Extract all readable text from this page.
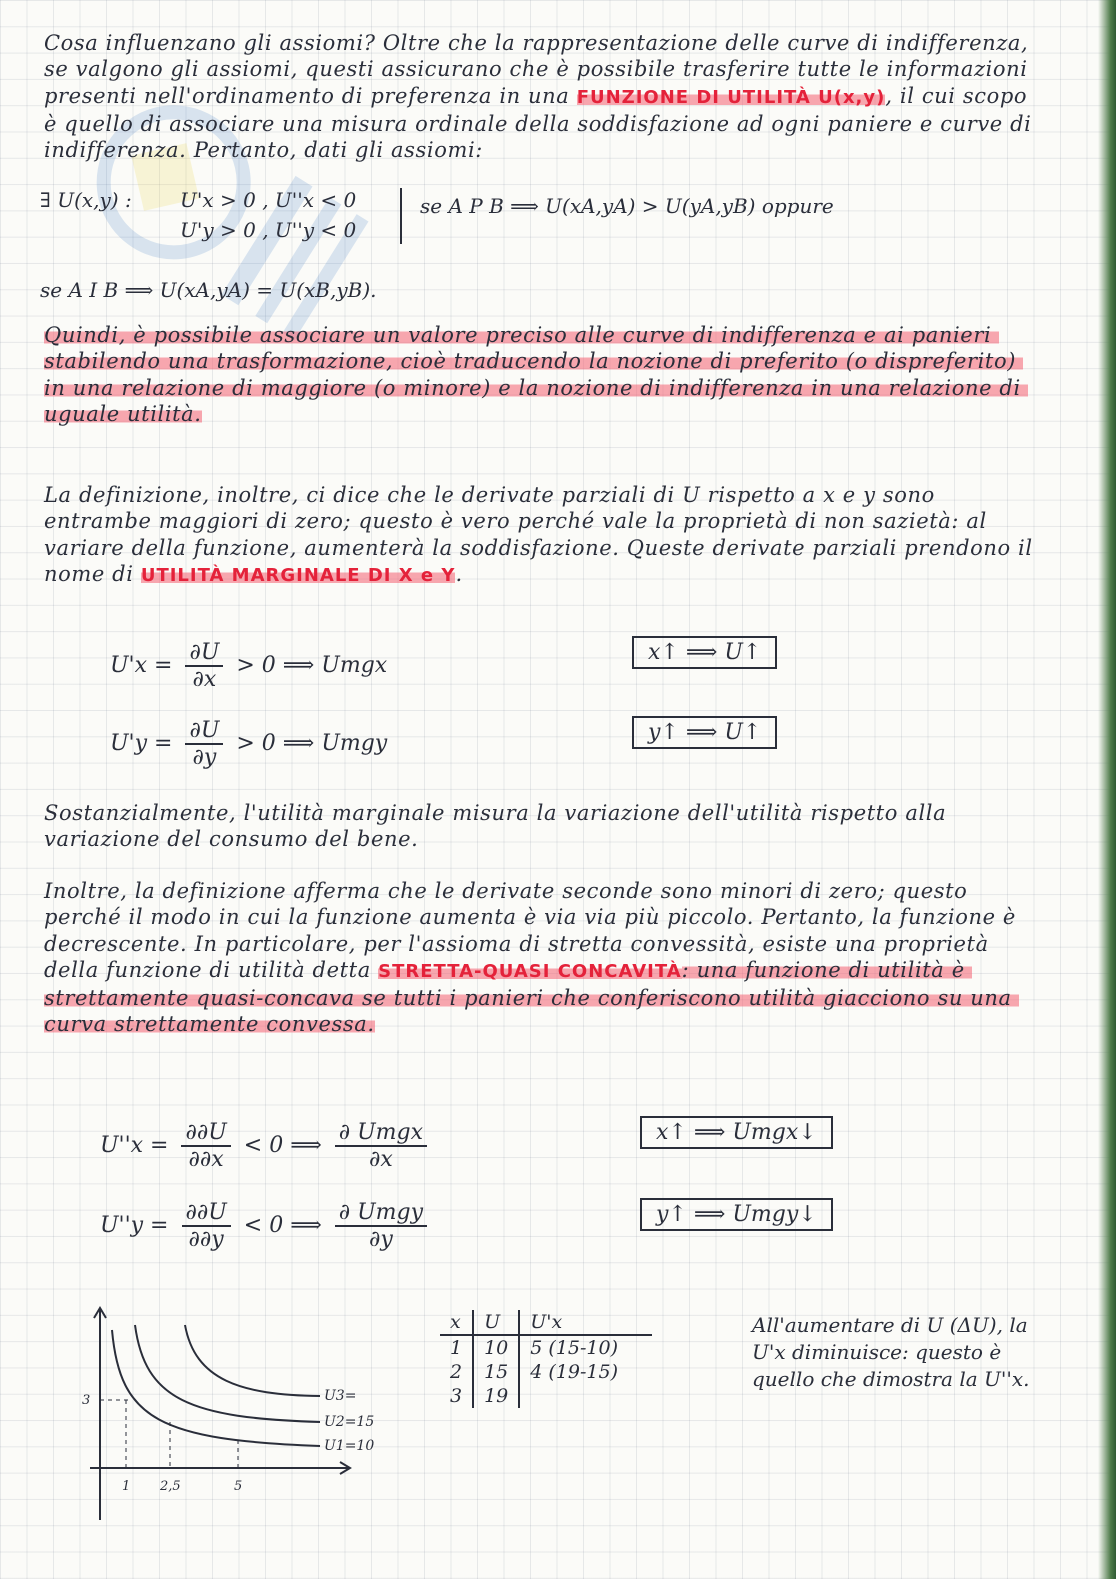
Cosa influenzano gli assiomi? Oltre che la rappresentazione delle curve di indifferenza, se valgono gli assiomi, questi assicurano che è possibile trasferire tutte le informazioni presenti nell'ordinamento di preferenza in una FUNZIONE DI UTILITÀ U(x,y), il cui scopo è quello di associare una misura ordinale della soddisfazione ad ogni paniere e curve di indifferenza. Pertanto, dati gli assiomi:
∃ U(x,y) : U'x > 0 , U''x < 0
U'y > 0 , U''y < 0
se A P B ⟹ U(xA,yA) > U(yA,yB) oppure
se A I B ⟹ U(xA,yA) = U(xB,yB).
Quindi, è possibile associare un valore preciso alle curve di indifferenza e ai panieri stabilendo una trasformazione, cioè traducendo la nozione di preferito (o dispreferito) in una relazione di maggiore (o minore) e la nozione di indifferenza in una relazione di uguale utilità.
La definizione, inoltre, ci dice che le derivate parziali di U rispetto a x e y sono entrambe maggiori di zero; questo è vero perché vale la proprietà di non sazietà: al variare della funzione, aumenterà la soddisfazione. Queste derivate parziali prendono il nome di UTILITÀ MARGINALE DI X e Y.
$U'x = \frac{\partial U}{\partial x} > 0$ ⟹ Umgx
x↑ ⟹ U↑
$U'y = \frac{\partial U}{\partial y} > 0$ ⟹ Umgy	y↑ ⟹ U↑
Sostanzialmente, l'utilità marginale misura la variazione dell'utilità rispetto alla variazione del consumo del bene.
Inoltre, la definizione afferma che le derivate seconde sono minori di zero; questo perché il modo in cui la funzione aumenta è via via più piccolo. Pertanto, la funzione è decrescente. In particolare, per l'assioma di stretta convessità, esiste una proprietà della funzione di utilità detta STRETTA-QUASI CONCAVITÀ: una funzione di utilità è strettamente quasi-concava se tutti i panieri che conferiscono utilità giacciono su una curva strettamente convessa.
$U''x = \frac{\partial\partial U}{\partial\partial x} < 0$ ⟹ $\frac{\text{∂ Umgx}}{\partial x}$	x↑ ⟹ Umgx↓
$U''y = \frac{\partial\partial U}{\partial\partial y} < 0$ ⟹ $\frac{\text{∂ Umgy}}{\partial y}$	y↑ ⟹ Umgy↓
U3=
U2=15
U1=10
3
1 2,5	5
x	U	U'x
1	10	5 (15-10)
2	15	4 (19-15)
3	19	
All'aumentare di U (ΔU), la U'x diminuisce: questo è quello che dimostra la U''x.
